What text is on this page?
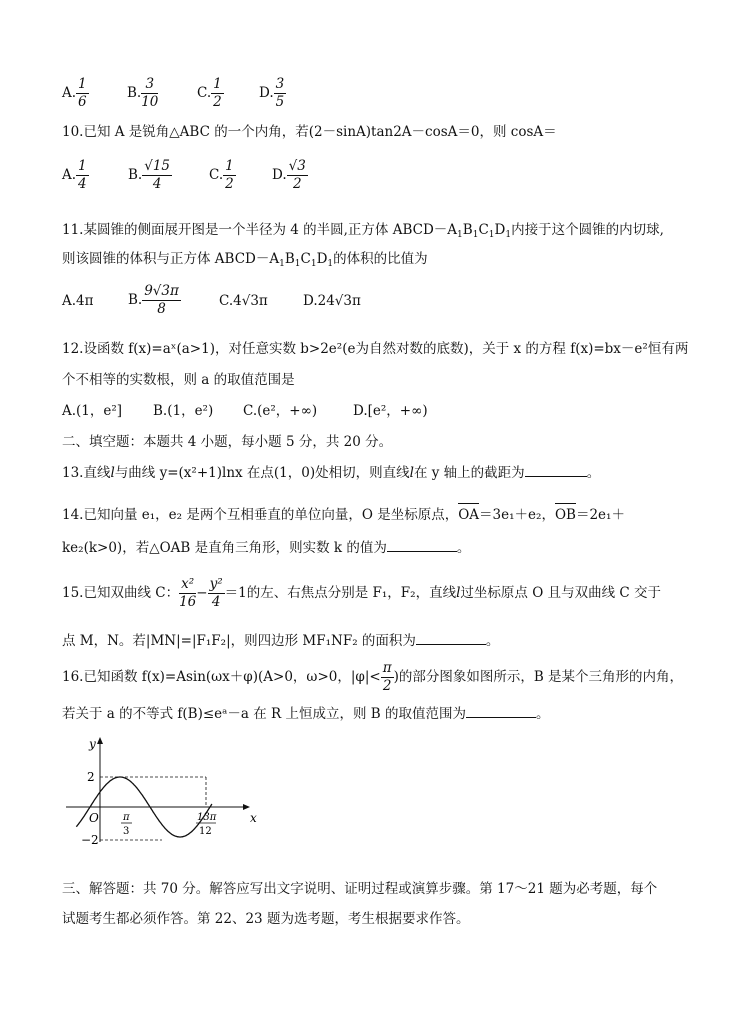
A. $\frac{1}{6}$	B. $\frac{3}{10}$	C. $\frac{1}{2}$	D. $\frac{3}{5}$
10.已知 A 是锐角△ABC 的一个内角，若(2－sinA)tan2A－cosA＝0，则 cosA＝
A. $\frac{1}{4}$	B. $\frac{√15}{4}$	C. $\frac{1}{2}$	D. $\frac{√3}{2}$
11.某圆锥的侧面展开图是一个半径为 4 的半圆,正方体 $ABCD-A_1B_1C_1D_1$内接于这个圆锥的内切球,
则该圆锥的体积与正方体 $ABCD-A_1B_1C_1D_1$的体积的比值为
A.4π	B. $\frac{9√3\pi}{8}$	C.4√3π	D.24√3π
12.设函数 f(x)=aˣ(a>1)，对任意实数 b>2e²(e为自然对数的底数)，关于 x 的方程 f(x)=bx－e²恒有两
个不相等的实数根，则 a 的取值范围是
A.(1，e²] B.(1，e²) C.(e²，+∞)	D.[e²，+∞)
二、填空题：本题共 4 小题，每小题 5 分，共 20 分。
13.直线l与曲线 y=(x²+1)lnx 在点(1，0)处相切，则直线l在 y 轴上的截距为	。
14.已知向量 e₁，e₂ 是两个互相垂直的单位向量，O 是坐标原点，OA＝3e₁＋e₂，OB＝2e₁＋
ke₂(k>0)，若△OAB 是直角三角形，则实数 k 的值为	。
15.已知双曲线 C： $\frac{\text{x²}}{16} - \frac{\text{y²}}{4} =1$的左、右焦点分别是 F₁，F₂，直线l过坐标原点 O 且与双曲线 C 交于
点 M，N。若|MN|=|F₁F₂|，则四边形 MF₁NF₂ 的面积为	。
16.已知函数 f(x)=Asin(ωx＋φ)(A>0，ω>0，$|\varphi|< \frac{\pi}{2}$ )的部分图象如图所示，B 是某个三角形的内角，
若关于 a 的不等式 f(B)≤eᵃ－a 在 R 上恒成立，则 B 的取值范围为	。
y
x
O
2
−2
π
3
13π
12
三、解答题：共 70 分。解答应写出文字说明、证明过程或演算步骤。第 17～21 题为必考题，每个
试题考生都必须作答。第 22、23 题为选考题，考生根据要求作答。
